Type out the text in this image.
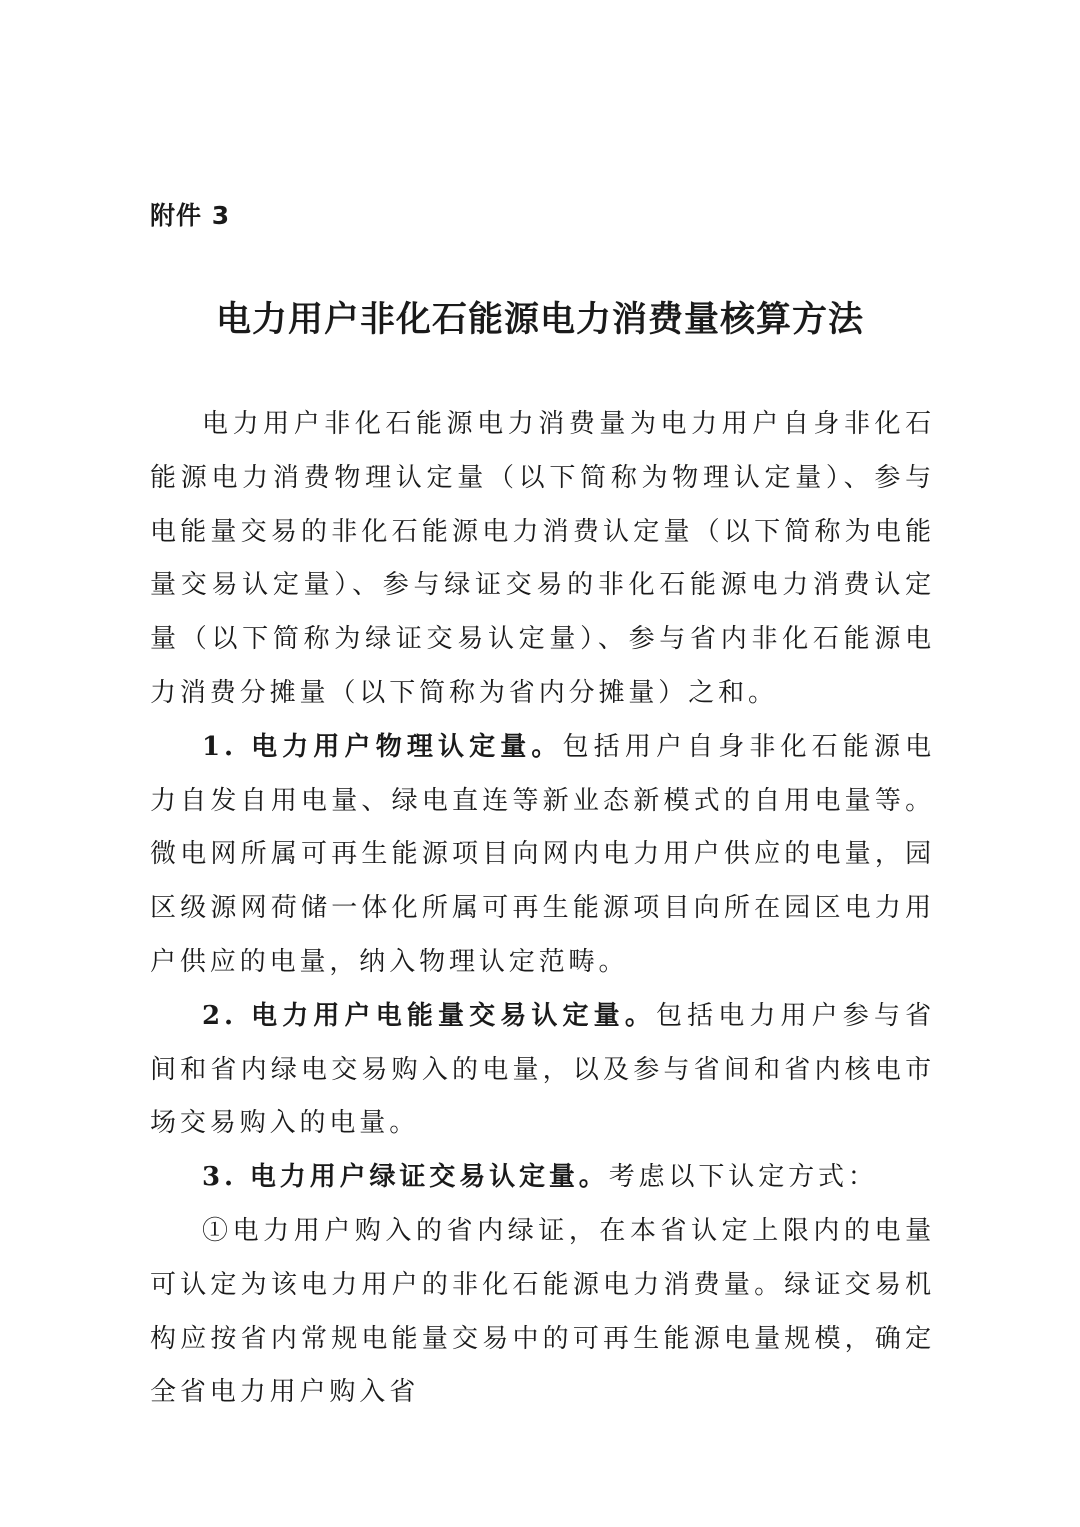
附件 3
电力用户非化石能源电力消费量核算方法

电力用户非化石能源电力消费量为电力用户自身非化石能源电力消费物理认定量（以下简称为物理认定量）、参与电能量交易的非化石能源电力消费认定量（以下简称为电能量交易认定量）、参与绿证交易的非化石能源电力消费认定量（以下简称为绿证交易认定量）、参与省内非化石能源电力消费分摊量（以下简称为省内分摊量）之和。

1. 电力用户物理认定量。包括用户自身非化石能源电力自发自用电量、绿电直连等新业态新模式的自用电量等。微电网所属可再生能源项目向网内电力用户供应的电量，园区级源网荷储一体化所属可再生能源项目向所在园区电力用户供应的电量，纳入物理认定范畴。

2. 电力用户电能量交易认定量。包括电力用户参与省间和省内绿电交易购入的电量，以及参与省间和省内核电市场交易购入的电量。

3. 电力用户绿证交易认定量。考虑以下认定方式：

①电力用户购入的省内绿证，在本省认定上限内的电量可认定为该电力用户的非化石能源电力消费量。绿证交易机构应按省内常规电能量交易中的可再生能源电量规模，确定全省电力用户购入省
